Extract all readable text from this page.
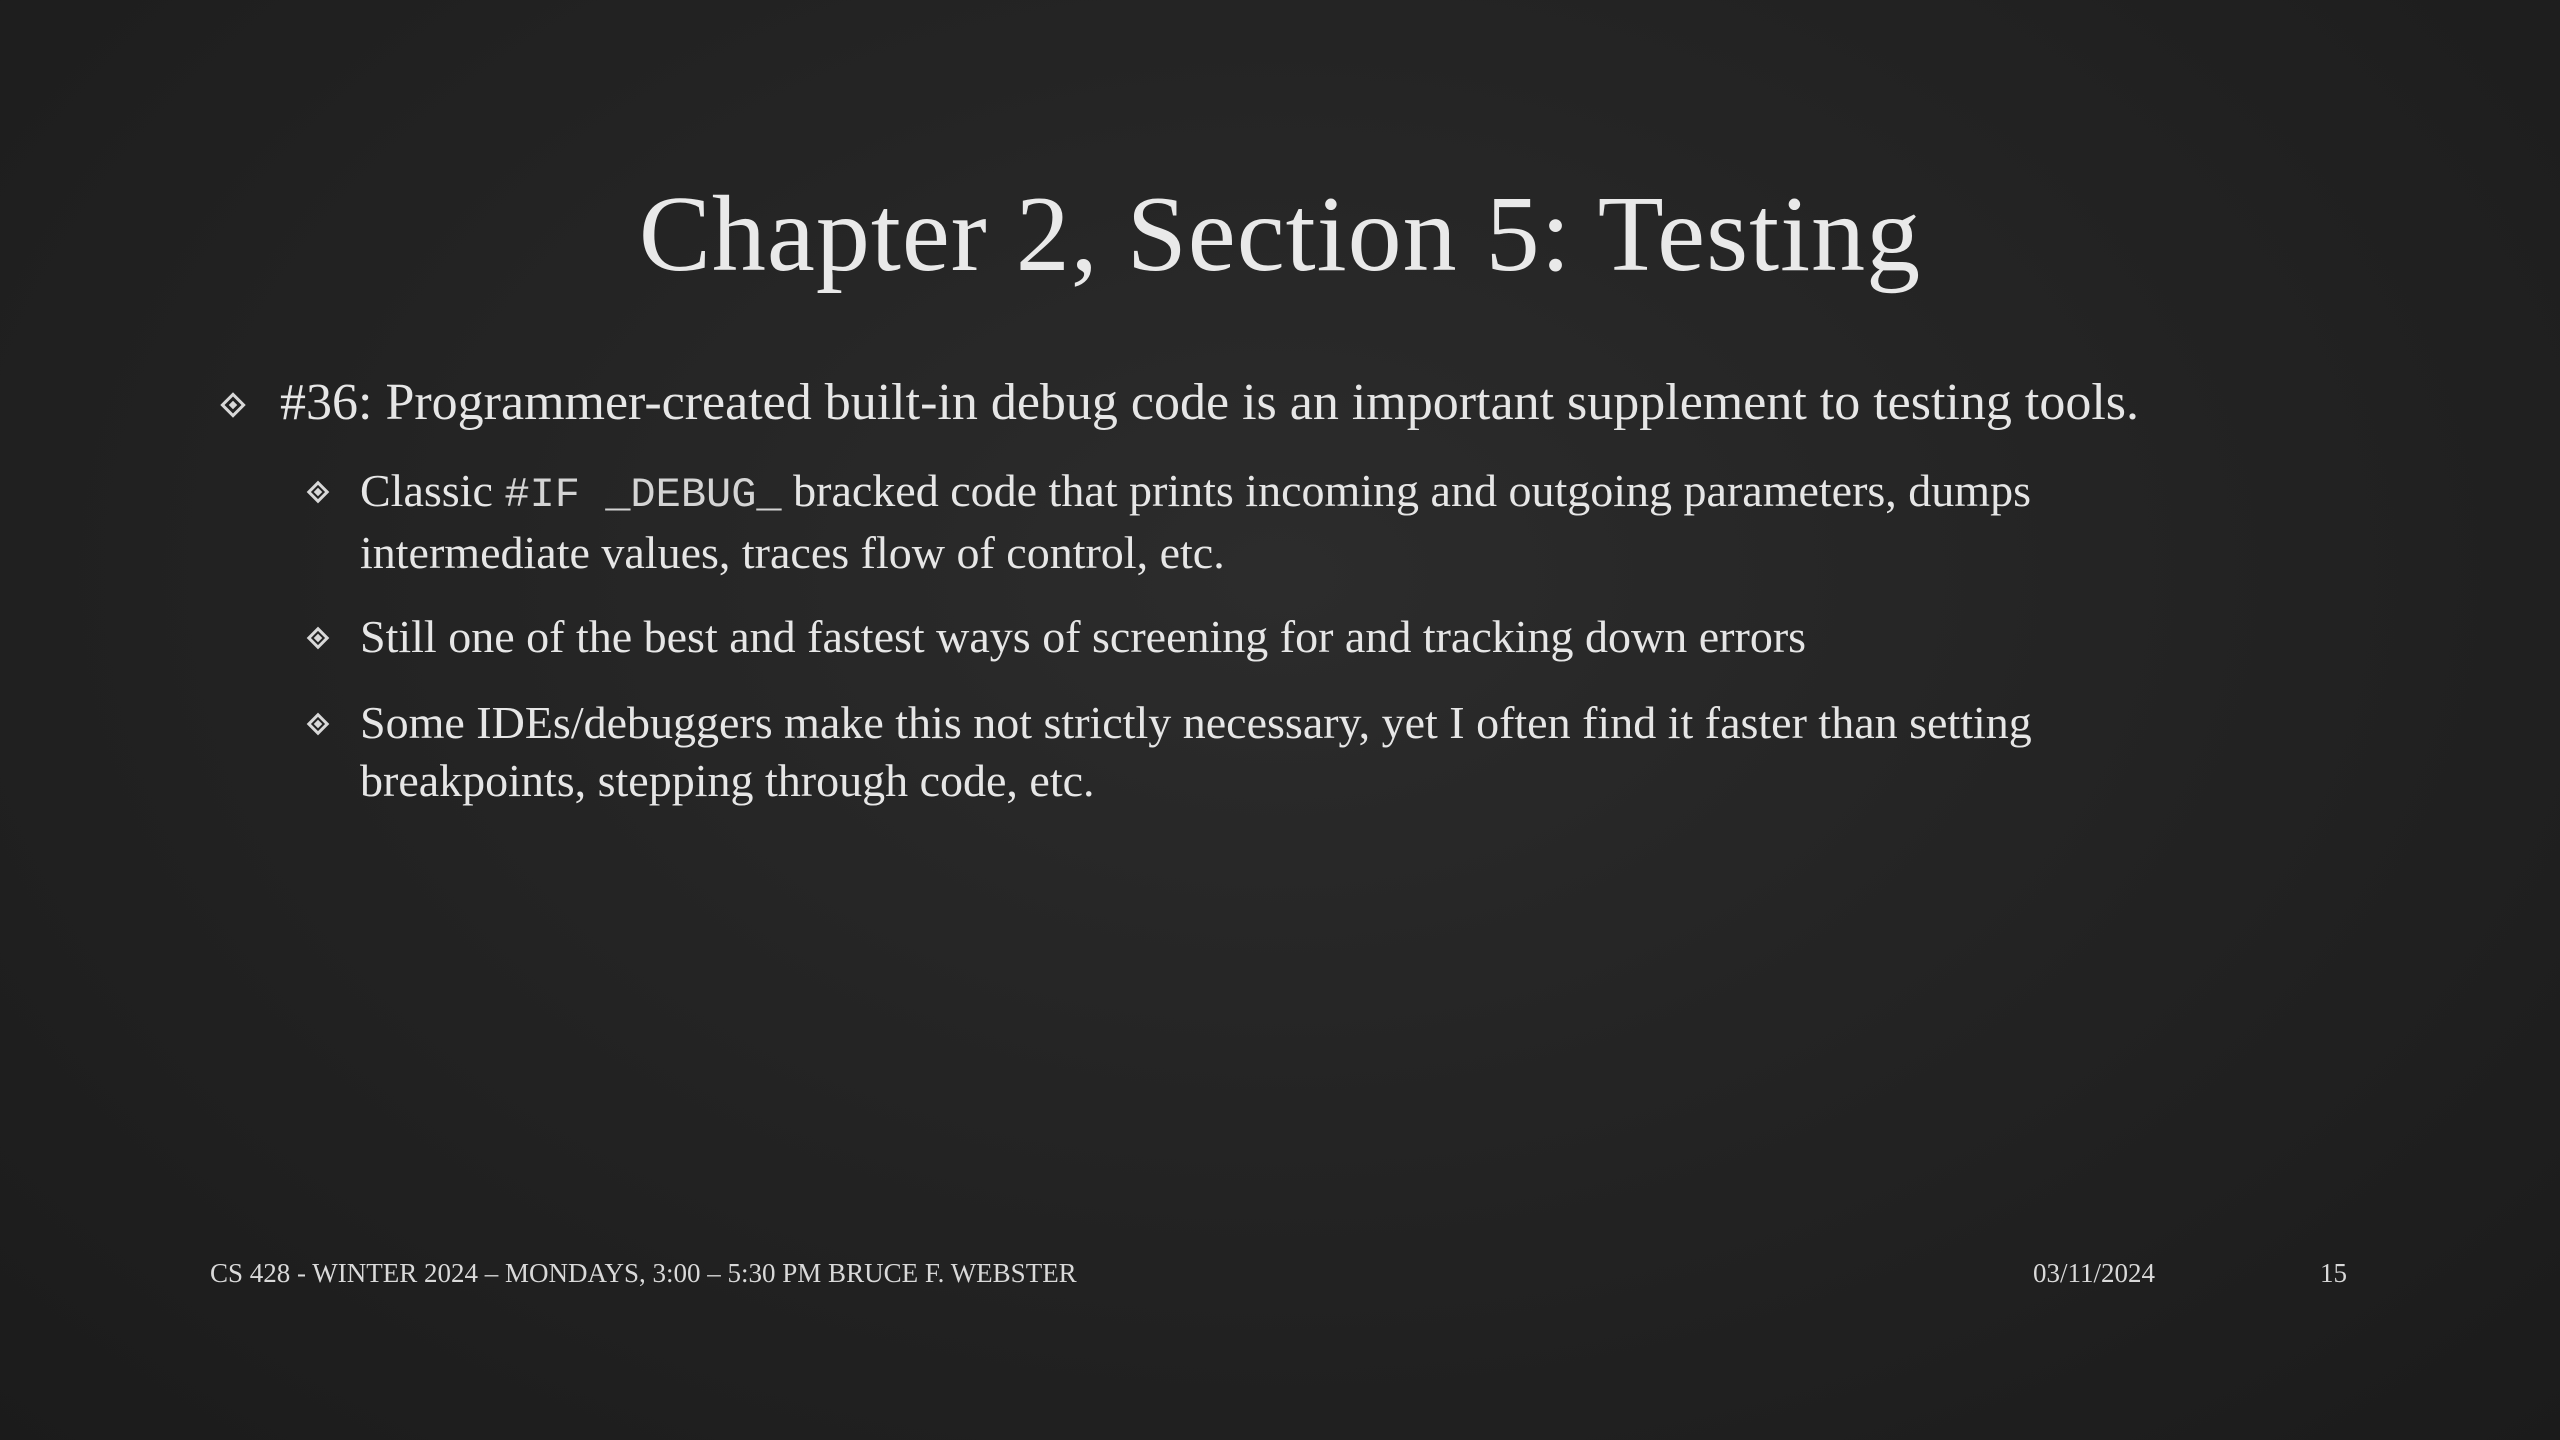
Chapter 2, Section 5: Testing
#36: Programmer-created built-in debug code is an important supplement to testing tools.
Classic #IF _DEBUG_ bracked code that prints incoming and outgoing parameters, dumps intermediate values, traces flow of control, etc.
Still one of the best and fastest ways of screening for and tracking down errors
Some IDEs/debuggers make this not strictly necessary, yet I often find it faster than setting breakpoints, stepping through code, etc.
CS 428 - WINTER 2024 – MONDAYS, 3:00 – 5:30 PM BRUCE F. WEBSTER	03/11/2024	15
